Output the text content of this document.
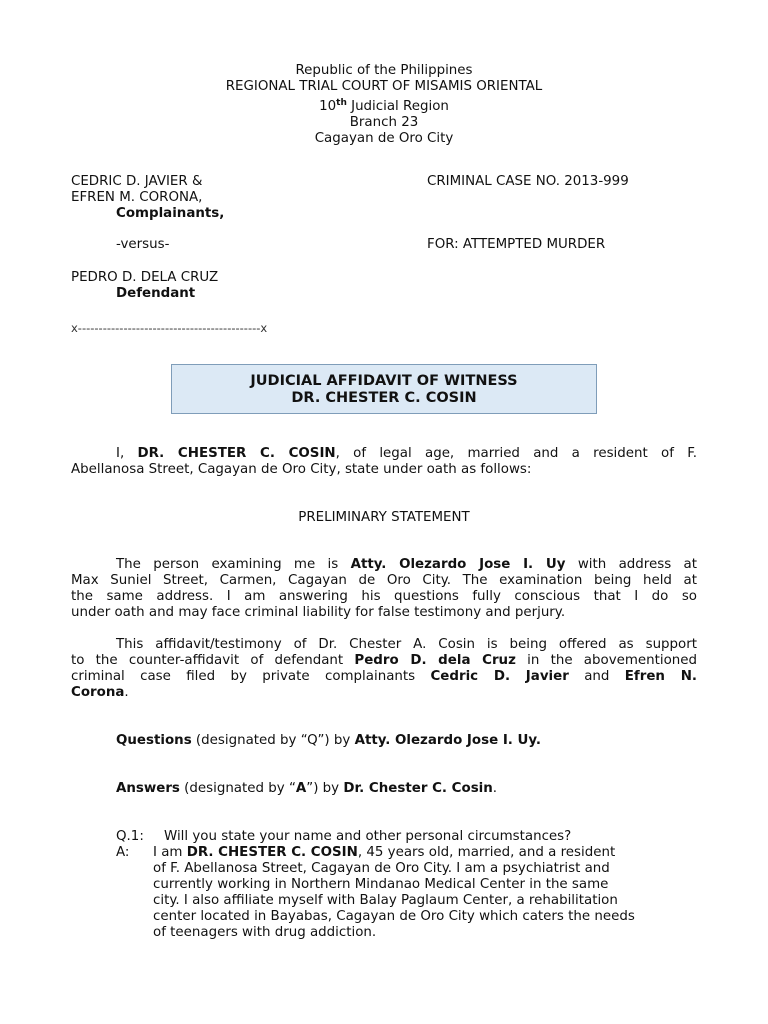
Republic of the Philippines
REGIONAL TRIAL COURT OF MISAMIS ORIENTAL
10th Judicial Region
Branch 23
Cagayan de Oro City
CEDRIC D. JAVIER &
EFREN M. CORONA,
Complainants,
-versus-
PEDRO D. DELA CRUZ
Defendant
CRIMINAL CASE NO. 2013-999
FOR: ATTEMPTED MURDER
x--------------------------------------------x
JUDICIAL AFFIDAVIT OF WITNESS
DR. CHESTER C. COSIN
I, DR. CHESTER C. COSIN, of legal age, married and a resident of F.
Abellanosa Street, Cagayan de Oro City, state under oath as follows:
PRELIMINARY STATEMENT
The person examining me is Atty. Olezardo Jose I. Uy with address at
Max Suniel Street, Carmen, Cagayan de Oro City. The examination being held at
the same address. I am answering his questions fully conscious that I do so
under oath and may face criminal liability for false testimony and perjury.
This affidavit/testimony of Dr. Chester A. Cosin is being offered as support
to the counter-affidavit of defendant Pedro D. dela Cruz in the abovementioned
criminal case filed by private complainants Cedric D. Javier and Efren N.
Corona.
Questions (designated by “Q”) by Atty. Olezardo Jose I. Uy.
Answers (designated by “A”) by Dr. Chester C. Cosin.
Q.1: Will you state your name and other personal circumstances?
A: I am DR. CHESTER C. COSIN, 45 years old, married, and a resident
of F. Abellanosa Street, Cagayan de Oro City. I am a psychiatrist and
currently working in Northern Mindanao Medical Center in the same
city. I also affiliate myself with Balay Paglaum Center, a rehabilitation
center located in Bayabas, Cagayan de Oro City which caters the needs
of teenagers with drug addiction.
